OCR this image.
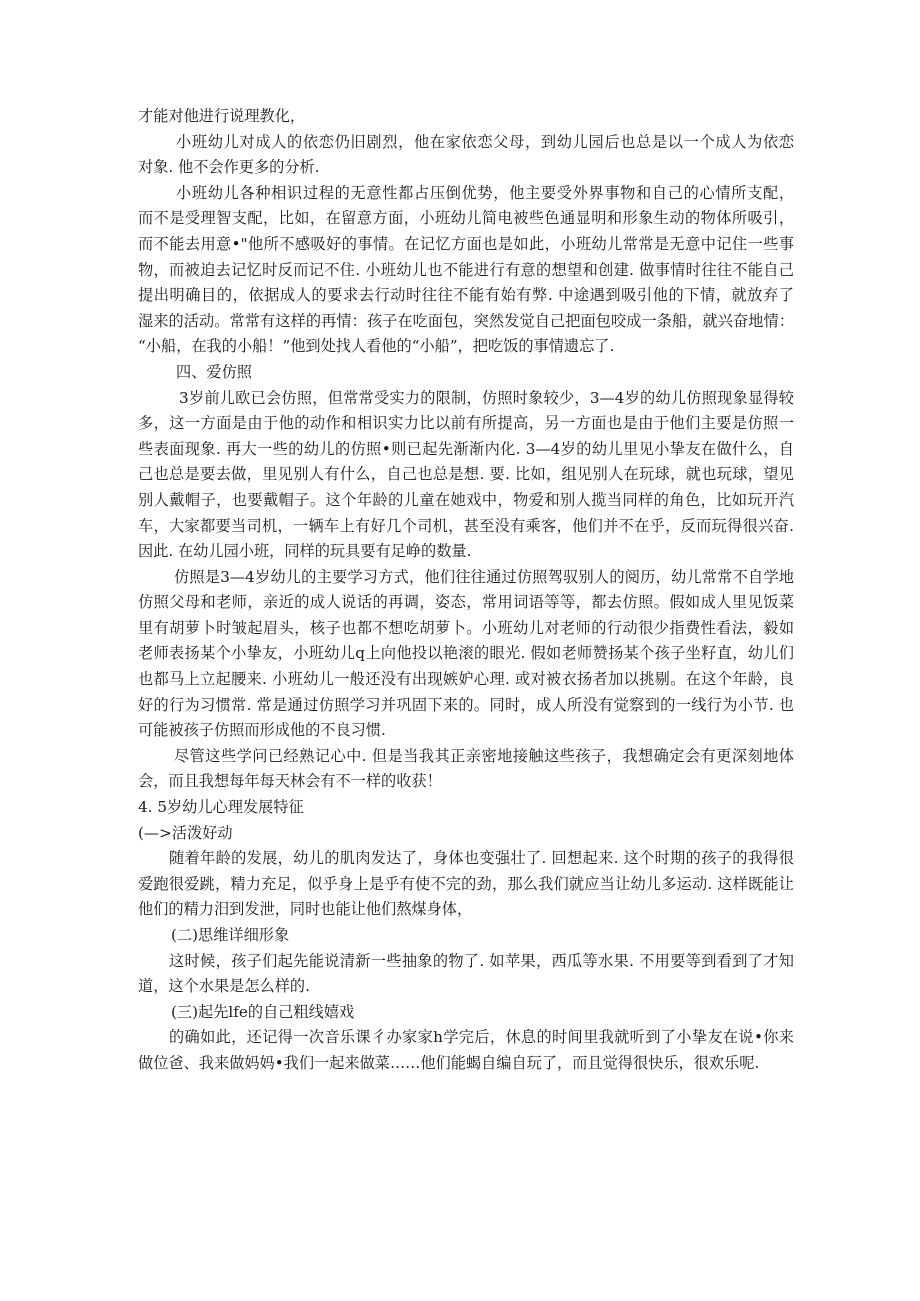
才能对他进行说理教化，
小班幼儿对成人的依恋仍旧剧烈，他在家依恋父母，到幼儿园后也总是以一个成人为依恋
对象. 他不会作更多的分析.
小班幼儿各种相识过程的无意性都占压倒优势，他主要受外界事物和自己的心情所支配，
而不是受理智支配，比如，在留意方面，小班幼儿简电被些色通显明和形象生动的物体所吸引，
而不能去用意•"他所不感吸好的事情。在记忆方面也是如此，小班幼儿常常是无意中记住一些事
物，而被迫去记忆时反而记不住. 小班幼儿也不能进行有意的想望和创建. 做事情时往往不能自己
提出明确目的，依据成人的要求去行动时往往不能有始有弊. 中途遇到吸引他的下情，就放弃了
湿来的活动。常常有这样的再情：孩子在吃面包，突然发觉自己把面包咬成一条船，就兴奋地情：
“小船，在我的小船！”他到处找人看他的“小船”，把吃饭的事情遗忘了.
四、爱仿照
3岁前儿欧已会仿照，但常常受实力的限制，仿照时象较少，3—4岁的幼儿仿照现象显得较
多，这一方面是由于他的动作和相识实力比以前有所提高，另一方面也是由于他们主要是仿照一
些表面现象. 再大一些的幼儿的仿照•则已起先渐渐内化. 3—4岁的幼儿里见小挚友在做什么，自
己也总是要去做，里见别人有什么，自己也总是想. 要. 比如，组见别人在玩球，就也玩球，望见
别人戴帽子，也要戴帽子。这个年龄的儿童在她戏中，物爱和别人揽当同样的角色，比如玩开汽
车，大家都要当司机，一辆车上有好几个司机，甚至没有乘客，他们并不在乎，反而玩得很兴奋.
因此. 在幼儿园小班，同样的玩具要有足峥的数量.
仿照是3—4岁幼儿的主要学习方式，他们往往通过仿照驾驭别人的阅历，幼儿常常不自学地
仿照父母和老师，亲近的成人说话的再调，姿态，常用词语等等，都去仿照。假如成人里见饭菜
里有胡萝卜时皱起眉头，核子也都不想吃胡萝卜。小班幼儿对老师的行动很少指费性看法，毅如
老师表扬某个小挚友，小班幼儿q上向他投以艳滚的眼光. 假如老师赞扬某个孩子坐籽直，幼儿们
也都马上立起腰来. 小班幼儿一般还没有出现嫉妒心理. 或对被衣扬者加以挑剔。在这个年龄，良
好的行为习惯常. 常是通过仿照学习并巩固下来的。同时，成人所没有觉察到的一线行为小节. 也
可能被孩子仿照而形成他的不良习惯.
尽管这些学问已经熟记心中. 但是当我其正亲密地接触这些孩子，我想确定会有更深刻地体
会，而且我想每年每天林会有不一样的收获！
4. 5岁幼儿心理发展特征
(—>活泼好动
随着年龄的发展，幼儿的肌肉发达了，身体也变强壮了. 回想起来. 这个时期的孩子的我得很
爱跑很爱跳，精力充足，似乎身上是乎有使不完的劲，那么我们就应当让幼儿多运动. 这样既能让
他们的精力汨到发泄，同时也能让他们熬煤身体，
(二)思维详细形象
这时候，孩子们起先能说清新一些抽象的物了. 如苹果，西瓜等水果. 不用要等到看到了才知
道，这个水果是怎么样的.
(三)起先lfe的自己粗线嬉戏
的确如此，还记得一次音乐课彳办家家h学完后，休息的时间里我就听到了小挚友在说•你来
做位爸、我来做妈妈•我们一起来做菜……他们能蝎自编自玩了，而且觉得很快乐，很欢乐呢.
